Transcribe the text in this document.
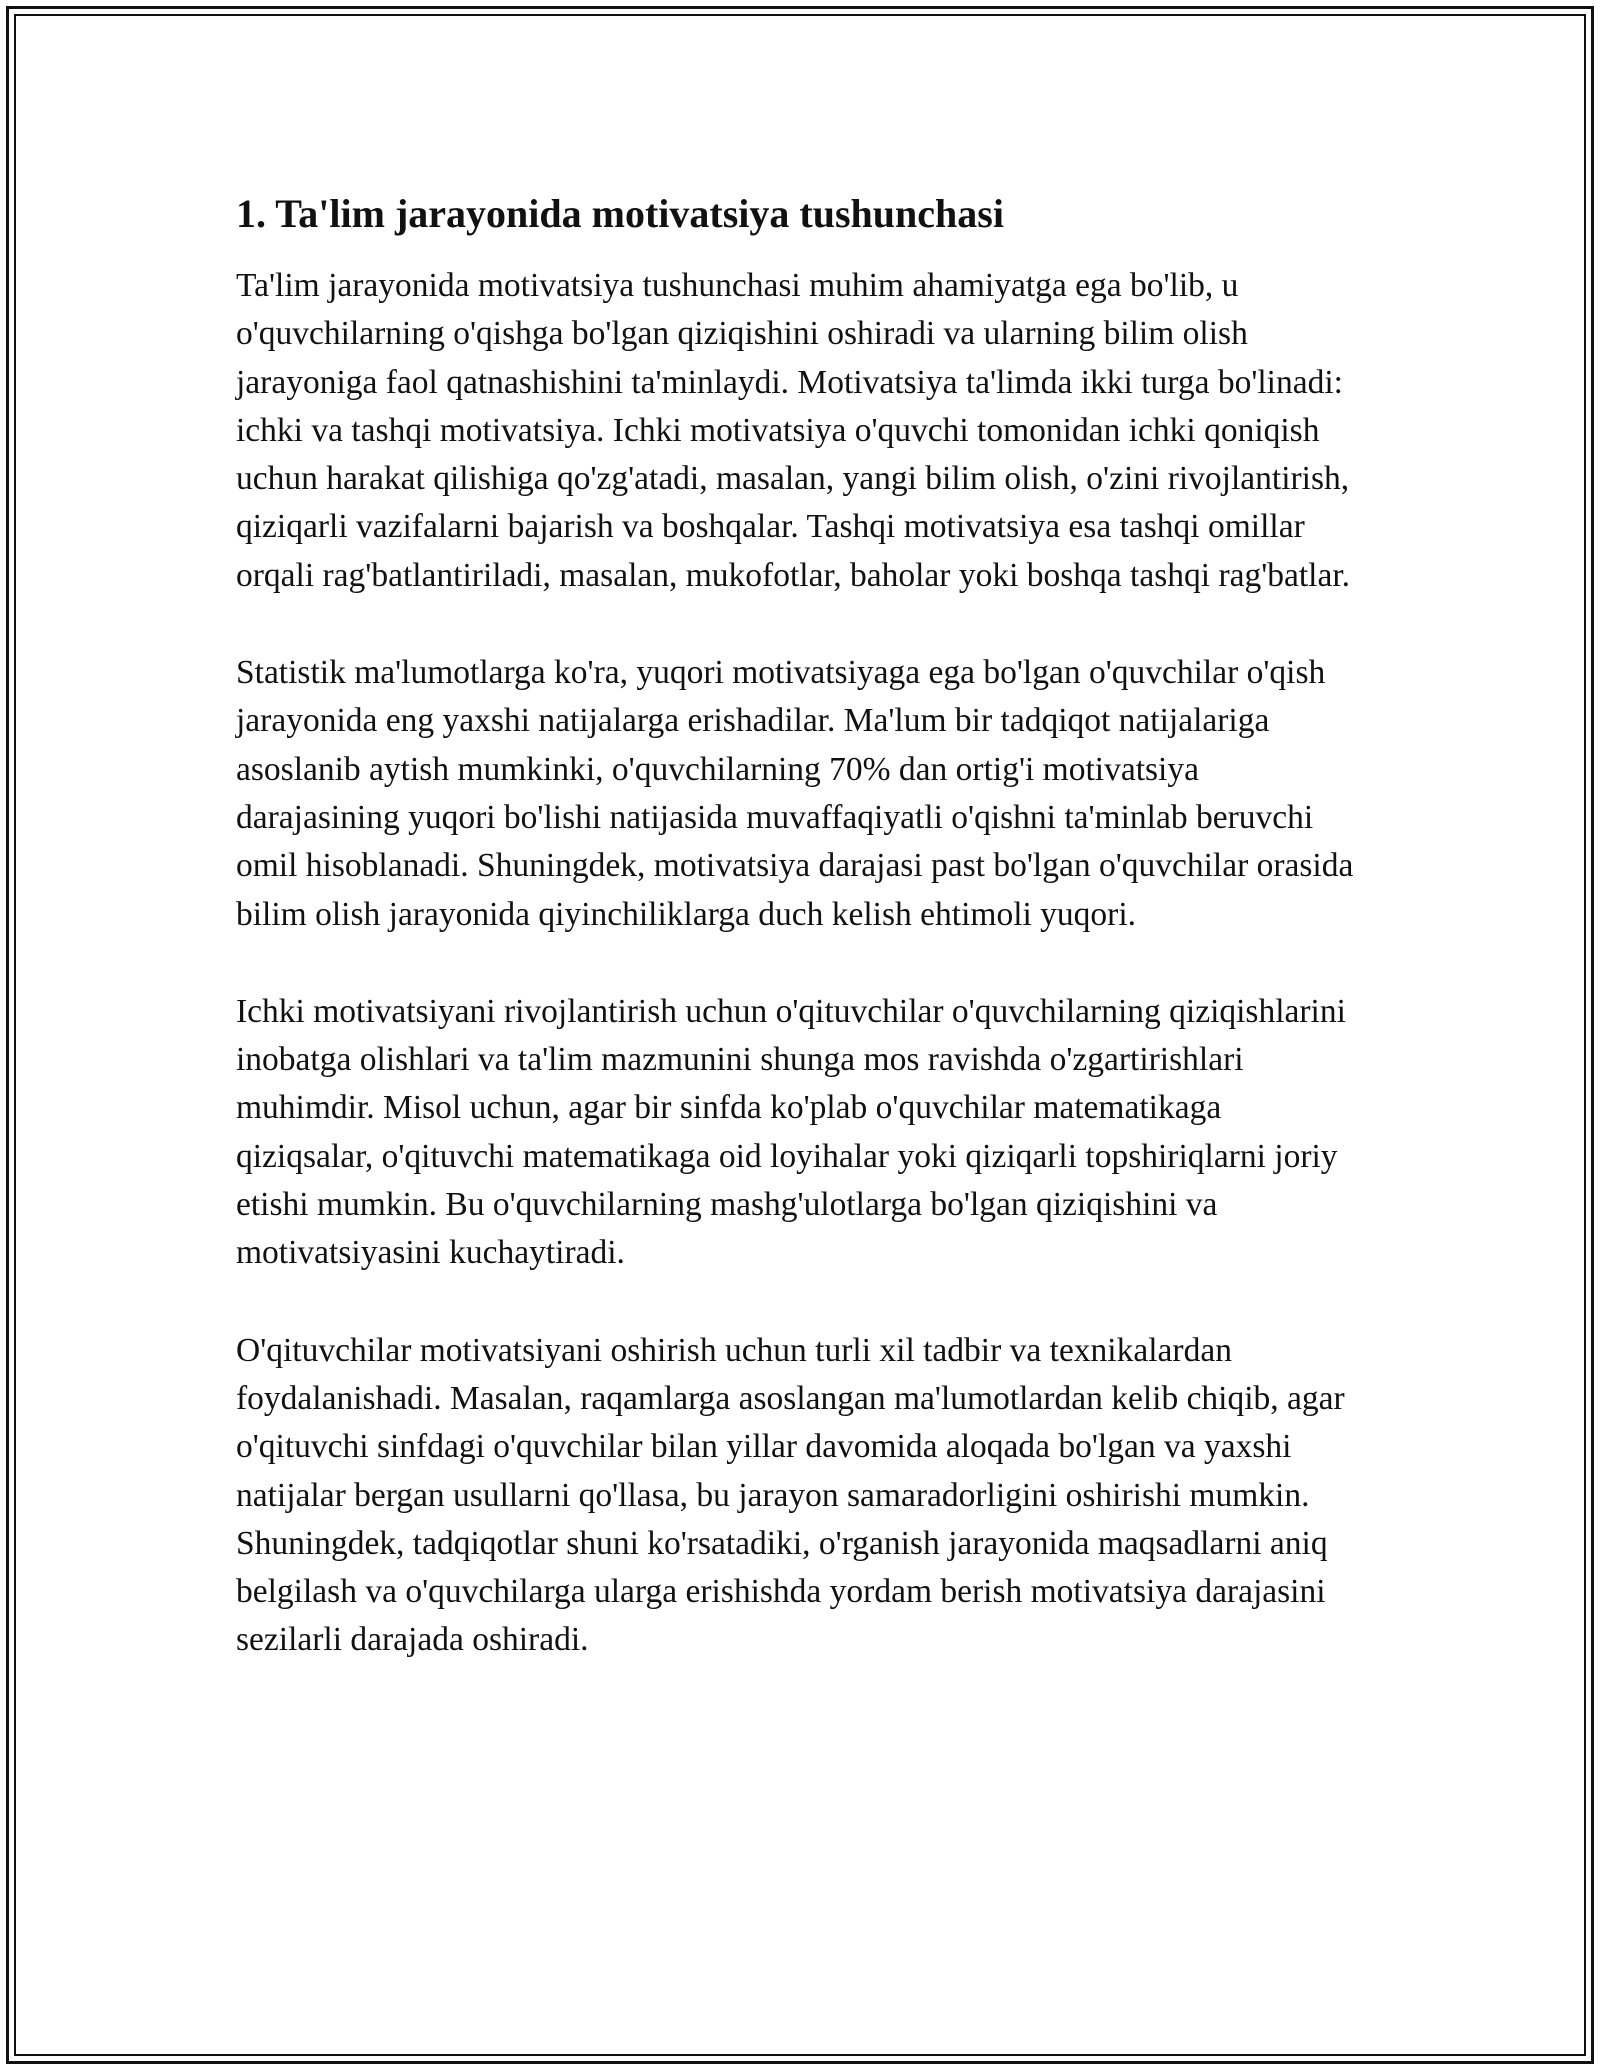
1. Ta'lim jarayonida motivatsiya tushunchasi

Ta'lim jarayonida motivatsiya tushunchasi muhim ahamiyatga ega bo'lib, u o'quvchilarning o'qishga bo'lgan qiziqishini oshiradi va ularning bilim olish jarayoniga faol qatnashishini ta'minlaydi. Motivatsiya ta'limda ikki turga bo'linadi: ichki va tashqi motivatsiya. Ichki motivatsiya o'quvchi tomonidan ichki qoniqish uchun harakat qilishiga qo'zg'atadi, masalan, yangi bilim olish, o'zini rivojlantirish, qiziqarli vazifalarni bajarish va boshqalar. Tashqi motivatsiya esa tashqi omillar orqali rag'batlantiriladi, masalan, mukofotlar, baholar yoki boshqa tashqi rag'batlar.

Statistik ma'lumotlarga ko'ra, yuqori motivatsiyaga ega bo'lgan o'quvchilar o'qish jarayonida eng yaxshi natijalarga erishadilar. Ma'lum bir tadqiqot natijalariga asoslanib aytish mumkinki, o'quvchilarning 70% dan ortig'i motivatsiya darajasining yuqori bo'lishi natijasida muvaffaqiyatli o'qishni ta'minlab beruvchi omil hisoblanadi. Shuningdek, motivatsiya darajasi past bo'lgan o'quvchilar orasida bilim olish jarayonida qiyinchiliklarga duch kelish ehtimoli yuqori.

Ichki motivatsiyani rivojlantirish uchun o'qituvchilar o'quvchilarning qiziqishlarini inobatga olishlari va ta'lim mazmunini shunga mos ravishda o'zgartirishlari muhimdir. Misol uchun, agar bir sinfda ko'plab o'quvchilar matematikaga qiziqsalar, o'qituvchi matematikaga oid loyihalar yoki qiziqarli topshiriqlarni joriy etishi mumkin. Bu o'quvchilarning mashg'ulotlarga bo'lgan qiziqishini va motivatsiyasini kuchaytiradi.

O'qituvchilar motivatsiyani oshirish uchun turli xil tadbir va texnikalardan foydalanishadi. Masalan, raqamlarga asoslangan ma'lumotlardan kelib chiqib, agar o'qituvchi sinfdagi o'quvchilar bilan yillar davomida aloqada bo'lgan va yaxshi natijalar bergan usullarni qo'llasa, bu jarayon samaradorligini oshirishi mumkin. Shuningdek, tadqiqotlar shuni ko'rsatadiki, o'rganish jarayonida maqsadlarni aniq belgilash va o'quvchilarga ularga erishishda yordam berish motivatsiya darajasini sezilarli darajada oshiradi.
